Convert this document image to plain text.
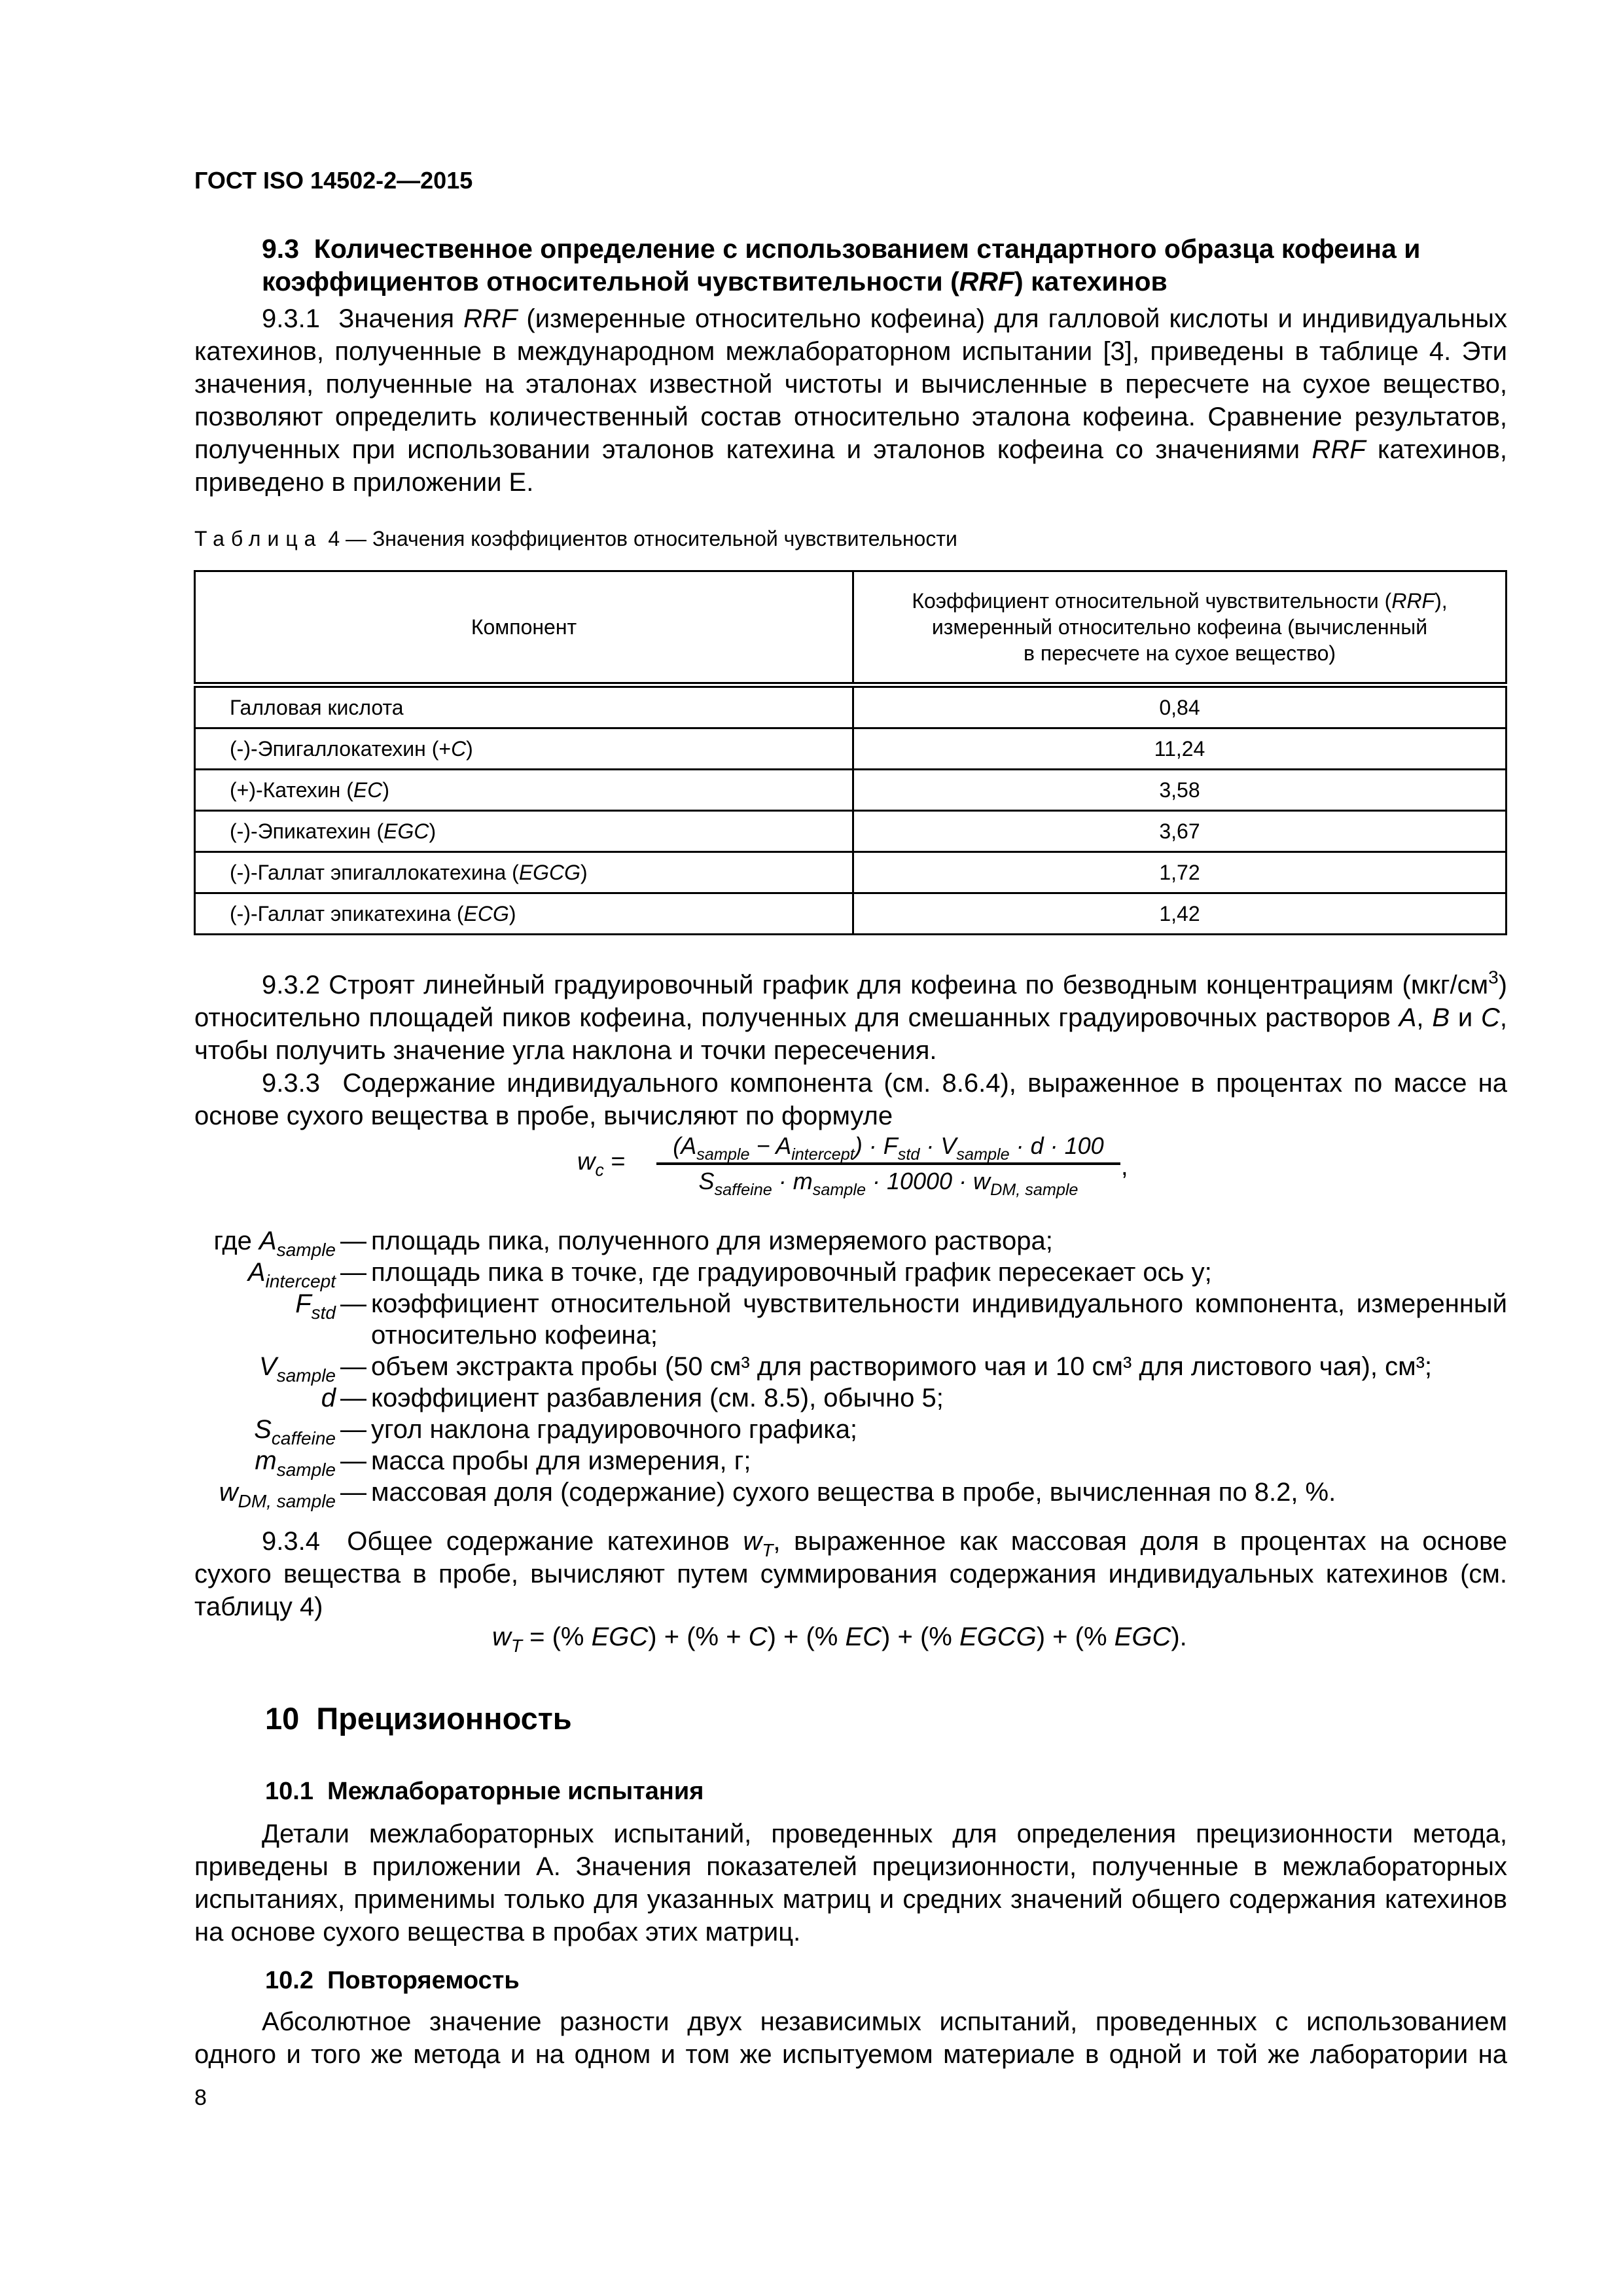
ГОСТ ISO 14502-2—2015
9.3 Количественное определение с использованием стандартного образца кофеина и коэффициентов относительной чувствительности (RRF) катехинов

9.3.1 Значения RRF (измеренные относительно кофеина) для галловой кислоты и индивидуальных катехинов, полученные в международном межлабораторном испытании [3], приведены в таблице 4. Эти значения, полученные на эталонах известной чистоты и вычисленные в пересчете на сухое вещество, позволяют определить количественный состав относительно эталона кофеина. Сравнение результатов, полученных при использовании эталонов катехина и эталонов кофеина со значениями RRF катехинов, приведено в приложении Е.

Таблица 4 — Значения коэффициентов относительной чувствительности
Компонент	Коэффициент относительной чувствительности (RRF),
измеренный относительно кофеина (вычисленный
в пересчете на сухое вещество)
Галловая кислота	0,84
(-)-Эпигаллокатехин (+C)	11,24
(+)-Катехин (EC)	3,58
(-)-Эпикатехин (EGC)	3,67
(-)-Галлат эпигаллокатехина (EGCG)	1,72
(-)-Галлат эпикатехина (ECG)	1,42

9.3.2 Строят линейный градуировочный график для кофеина по безводным концентрациям $(мкг/см^3)$ относительно площадей пиков кофеина, полученных для смешанных градуировочных растворов A, B и C, чтобы получить значение угла наклона и точки пересечения.

9.3.3 Содержание индивидуального компонента (см. 8.6.4), выраженное в процентах по массе на основе сухого вещества в пробе, вычисляют по формуле

$w_c$ =
$(A_{sample} - A_{intercept}) \cdot F_{std} \cdot V_{sample} \cdot d \cdot 100$
$S_{saffeine} \cdot m_{sample} \cdot 10000 \cdot w_{DM, sample}$
,
где $A_{sample}$ — площадь пика, полученного для измеряемого раствора;
$A_{intercept}$ — площадь пика в точке, где градуировочный график пересекает ось y;
$F_{std}$ — коэффициент относительной чувствительности индивидуального компонента, измеренный относительно кофеина;
$V_{sample}$ — объем экстракта пробы (50 см³ для растворимого чая и 10 см³ для листового чая), см³;
d — коэффициент разбавления (см. 8.5), обычно 5;
$S_{caffeine}$ — угол наклона градуировочного графика;
$m_{sample}$ — масса пробы для измерения, г;
$w_{DM, sample}$ — массовая доля (содержание) сухого вещества в пробе, вычисленная по 8.2, %.

9.3.4 Общее содержание катехинов $w_T$, выраженное как массовая доля в процентах на основе сухого вещества в пробе, вычисляют путем суммирования содержания индивидуальных катехинов (см. таблицу 4)

$w_T$ = (% EGC) + (% + C) + (% EC) + (% EGCG) + (% EGC).
10 Прецизионность
10.1 Межлабораторные испытания

Детали межлабораторных испытаний, проведенных для определения прецизионности метода, приведены в приложении А. Значения показателей прецизионности, полученные в межлабораторных испытаниях, применимы только для указанных матриц и средних значений общего содержания катехинов на основе сухого вещества в пробах этих матриц.

10.2 Повторяемость

Абсолютное значение разности двух независимых испытаний, проведенных с использованием одного и того же метода и на одном и том же испытуемом материале в одной и той же лаборатории на

8
